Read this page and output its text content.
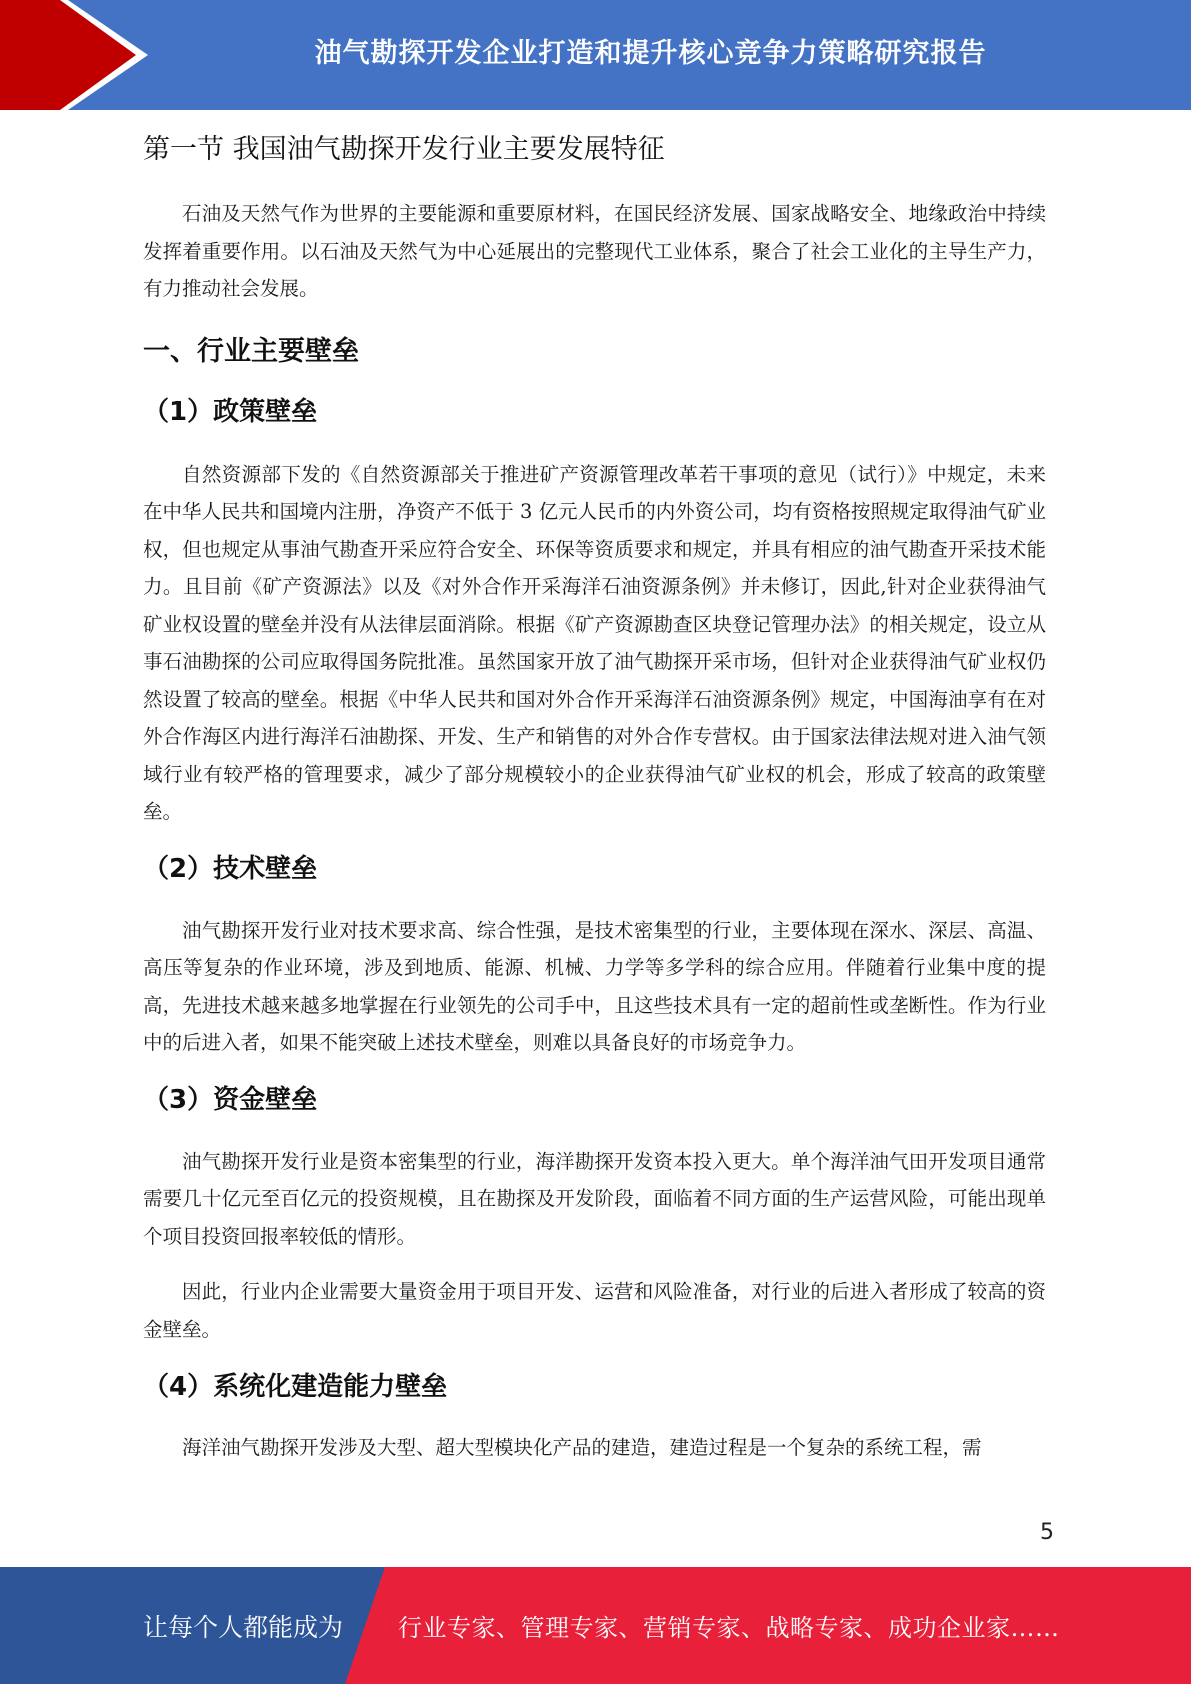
油气勘探开发企业打造和提升核心竞争力策略研究报告
第一节 我国油气勘探开发行业主要发展特征

石油及天然气作为世界的主要能源和重要原材料，在国民经济发展、国家战略安全、地缘政治中持续发挥着重要作用。以石油及天然气为中心延展出的完整现代工业体系，聚合了社会工业化的主导生产力，有力推动社会发展。

一、行业主要壁垒
（1）政策壁垒

自然资源部下发的《自然资源部关于推进矿产资源管理改革若干事项的意见（试行）》中规定，未来在中华人民共和国境内注册，净资产不低于 3 亿元人民币的内外资公司，均有资格按照规定取得油气矿业权，但也规定从事油气勘查开采应符合安全、环保等资质要求和规定，并具有相应的油气勘查开采技术能力。且目前《矿产资源法》以及《对外合作开采海洋石油资源条例》并未修订，因此,针对企业获得油气矿业权设置的壁垒并没有从法律层面消除。根据《矿产资源勘查区块登记管理办法》的相关规定，设立从事石油勘探的公司应取得国务院批准。虽然国家开放了油气勘探开采市场，但针对企业获得油气矿业权仍然设置了较高的壁垒。根据《中华人民共和国对外合作开采海洋石油资源条例》规定，中国海油享有在对外合作海区内进行海洋石油勘探、开发、生产和销售的对外合作专营权。由于国家法律法规对进入油气领域行业有较严格的管理要求，减少了部分规模较小的企业获得油气矿业权的机会，形成了较高的政策壁垒。

（2）技术壁垒

油气勘探开发行业对技术要求高、综合性强，是技术密集型的行业，主要体现在深水、深层、高温、高压等复杂的作业环境，涉及到地质、能源、机械、力学等多学科的综合应用。伴随着行业集中度的提高，先进技术越来越多地掌握在行业领先的公司手中，且这些技术具有一定的超前性或垄断性。作为行业中的后进入者，如果不能突破上述技术壁垒，则难以具备良好的市场竞争力。

（3）资金壁垒

油气勘探开发行业是资本密集型的行业，海洋勘探开发资本投入更大。单个海洋油气田开发项目通常需要几十亿元至百亿元的投资规模，且在勘探及开发阶段，面临着不同方面的生产运营风险，可能出现单个项目投资回报率较低的情形。

因此，行业内企业需要大量资金用于项目开发、运营和风险准备，对行业的后进入者形成了较高的资金壁垒。

（4）系统化建造能力壁垒

海洋油气勘探开发涉及大型、超大型模块化产品的建造，建造过程是一个复杂的系统工程，需

5
让每个人都能成为 行业专家、管理专家、营销专家、战略专家、成功企业家……
